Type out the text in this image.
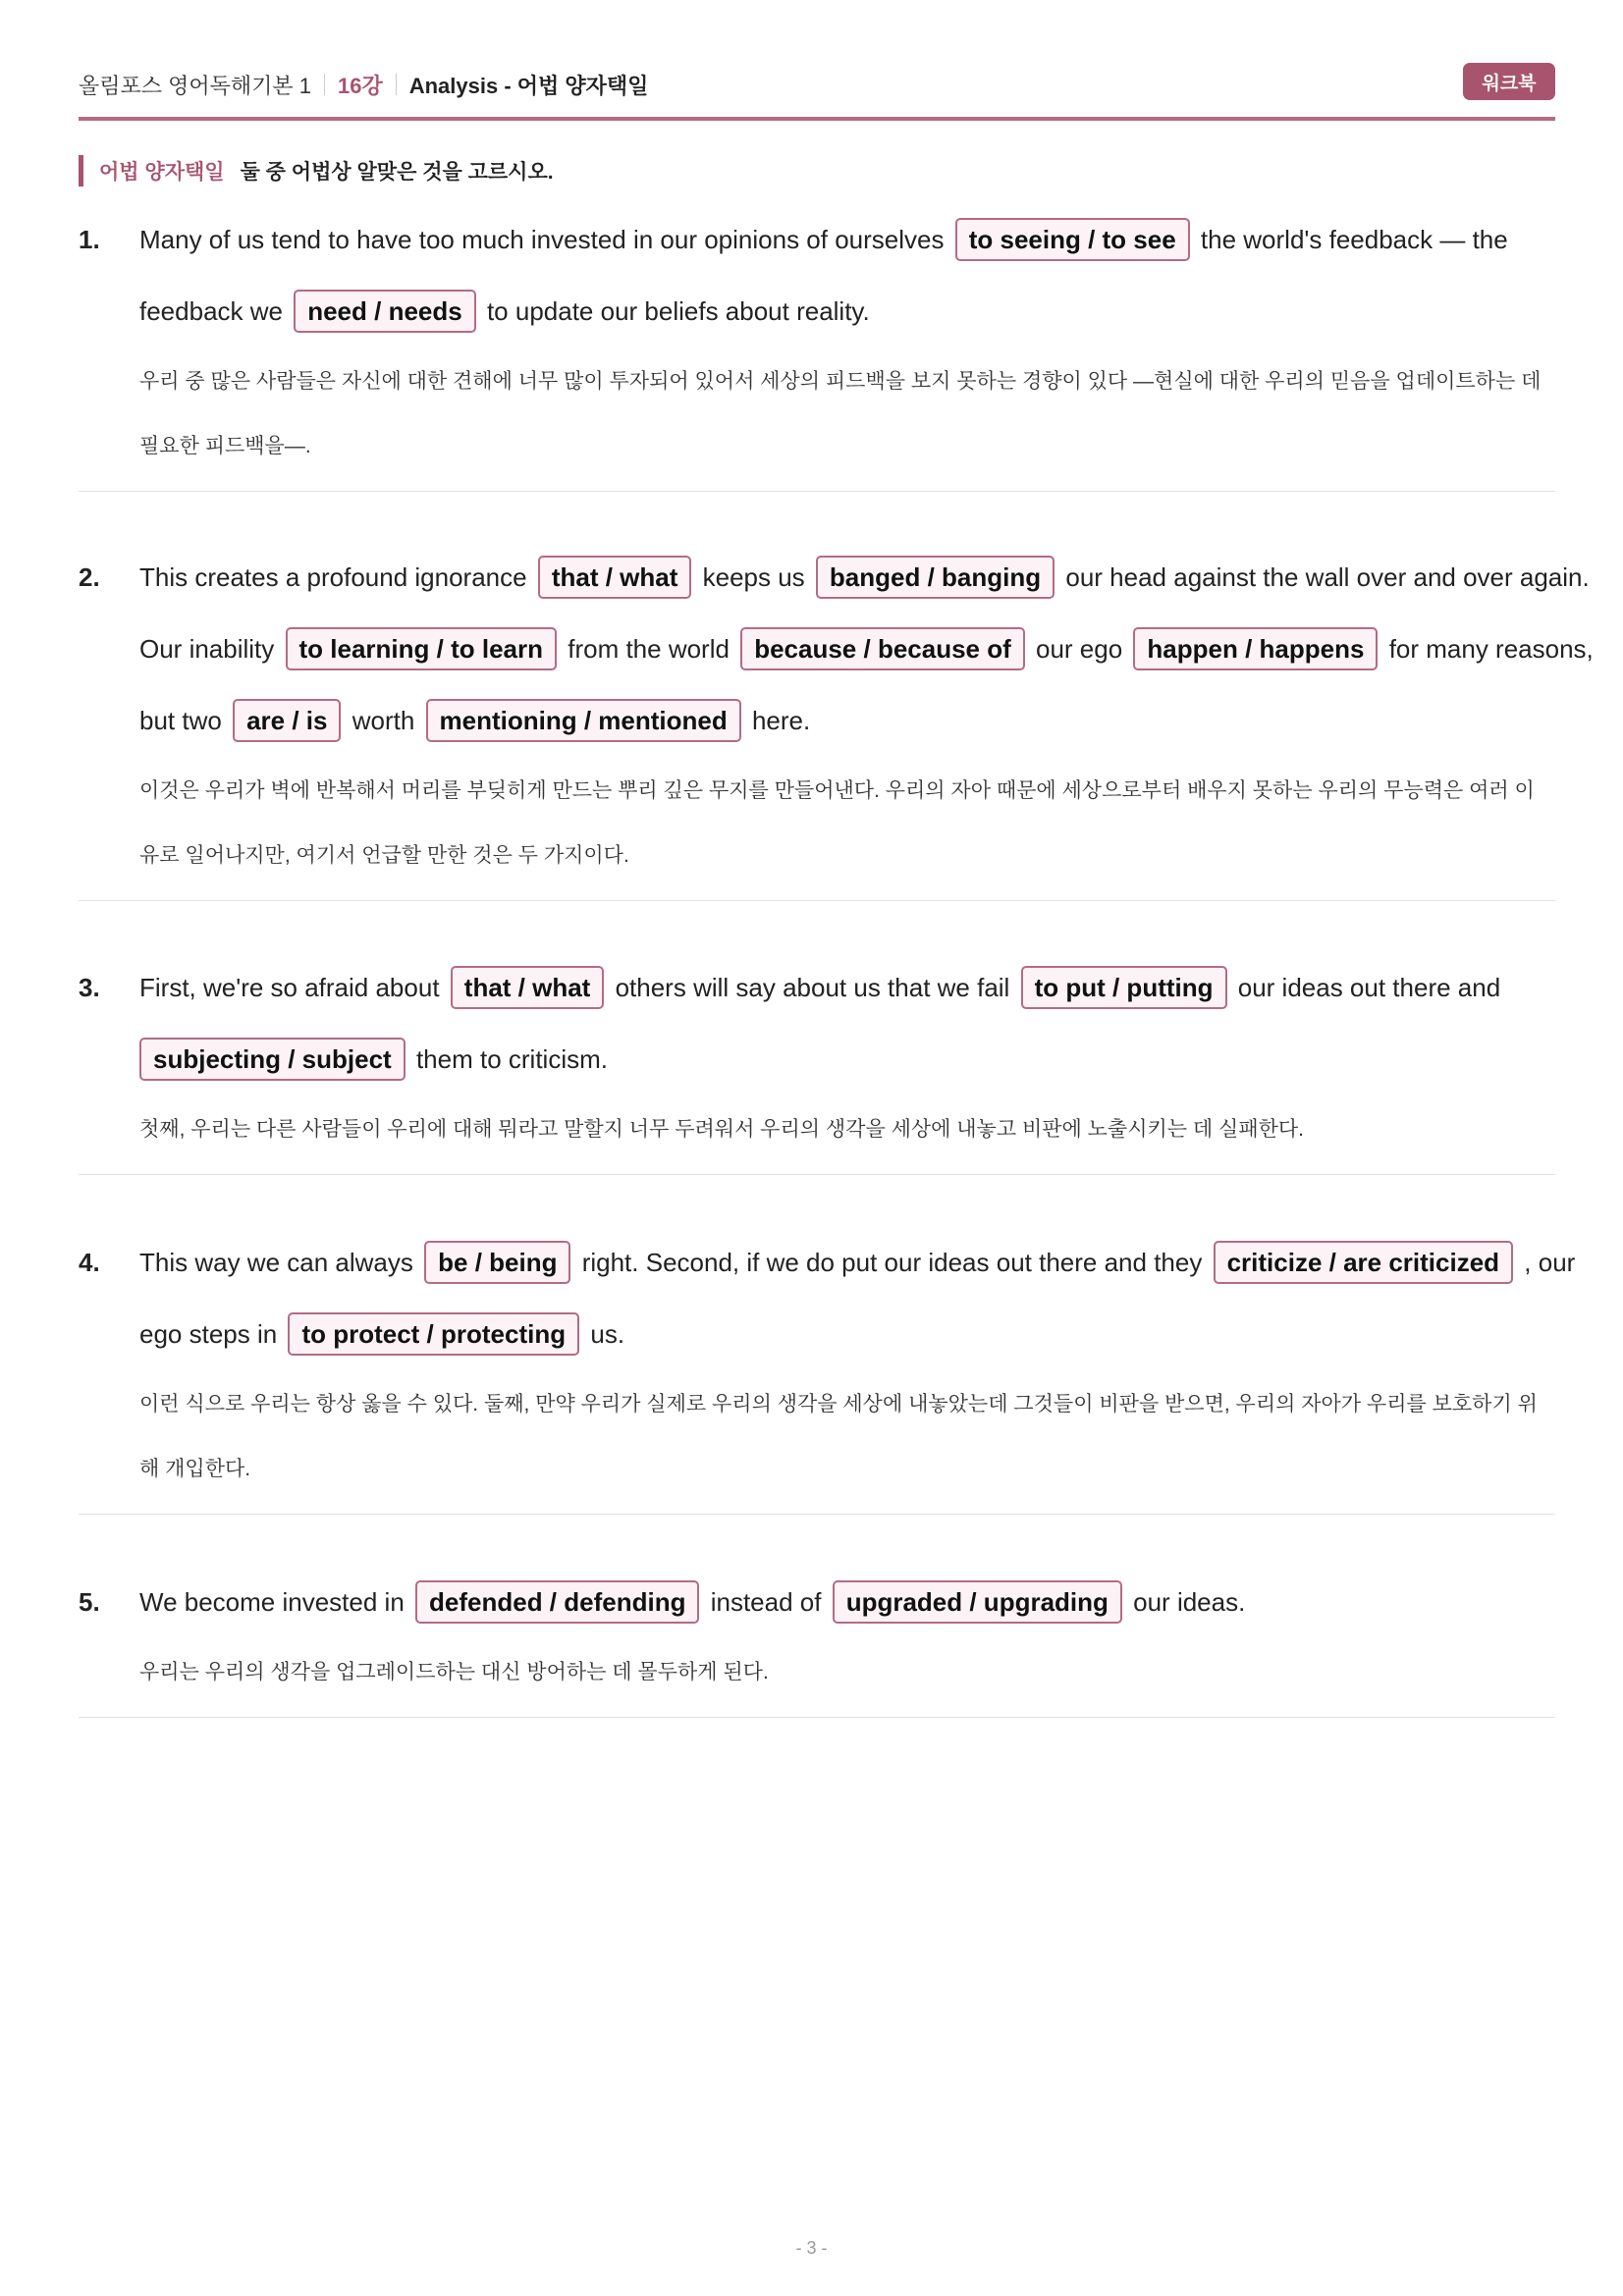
올림포스 영어독해기본 1 16강 Analysis - 어법 양자택일	워크북
어법 양자택일 둘 중 어법상 알맞은 것을 고르시오.
1. Many of us tend to have too much invested in our opinions of ourselves to seeing / to see the world's feedback — the
feedback we need / needs to update our beliefs about reality.
우리 중 많은 사람들은 자신에 대한 견해에 너무 많이 투자되어 있어서 세상의 피드백을 보지 못하는 경향이 있다 —현실에 대한 우리의 믿음을 업데이트하는 데
필요한 피드백을—.
2. This creates a profound ignorance that / what keeps us banged / banging our head against the wall over and over again.
Our inability to learning / to learn from the world because / because of our ego happen / happens for many reasons,
but two are / is worth mentioning / mentioned here.
이것은 우리가 벽에 반복해서 머리를 부딪히게 만드는 뿌리 깊은 무지를 만들어낸다. 우리의 자아 때문에 세상으로부터 배우지 못하는 우리의 무능력은 여러 이
유로 일어나지만, 여기서 언급할 만한 것은 두 가지이다.
3. First, we're so afraid about that / what others will say about us that we fail to put / putting our ideas out there and
subjecting / subject them to criticism.
첫째, 우리는 다른 사람들이 우리에 대해 뭐라고 말할지 너무 두려워서 우리의 생각을 세상에 내놓고 비판에 노출시키는 데 실패한다.
4. This way we can always be / being right. Second, if we do put our ideas out there and they criticize / are criticized , our
ego steps in to protect / protecting us.
이런 식으로 우리는 항상 옳을 수 있다. 둘째, 만약 우리가 실제로 우리의 생각을 세상에 내놓았는데 그것들이 비판을 받으면, 우리의 자아가 우리를 보호하기 위
해 개입한다.
5. We become invested in defended / defending instead of upgraded / upgrading our ideas.
우리는 우리의 생각을 업그레이드하는 대신 방어하는 데 몰두하게 된다.
- 3 -
